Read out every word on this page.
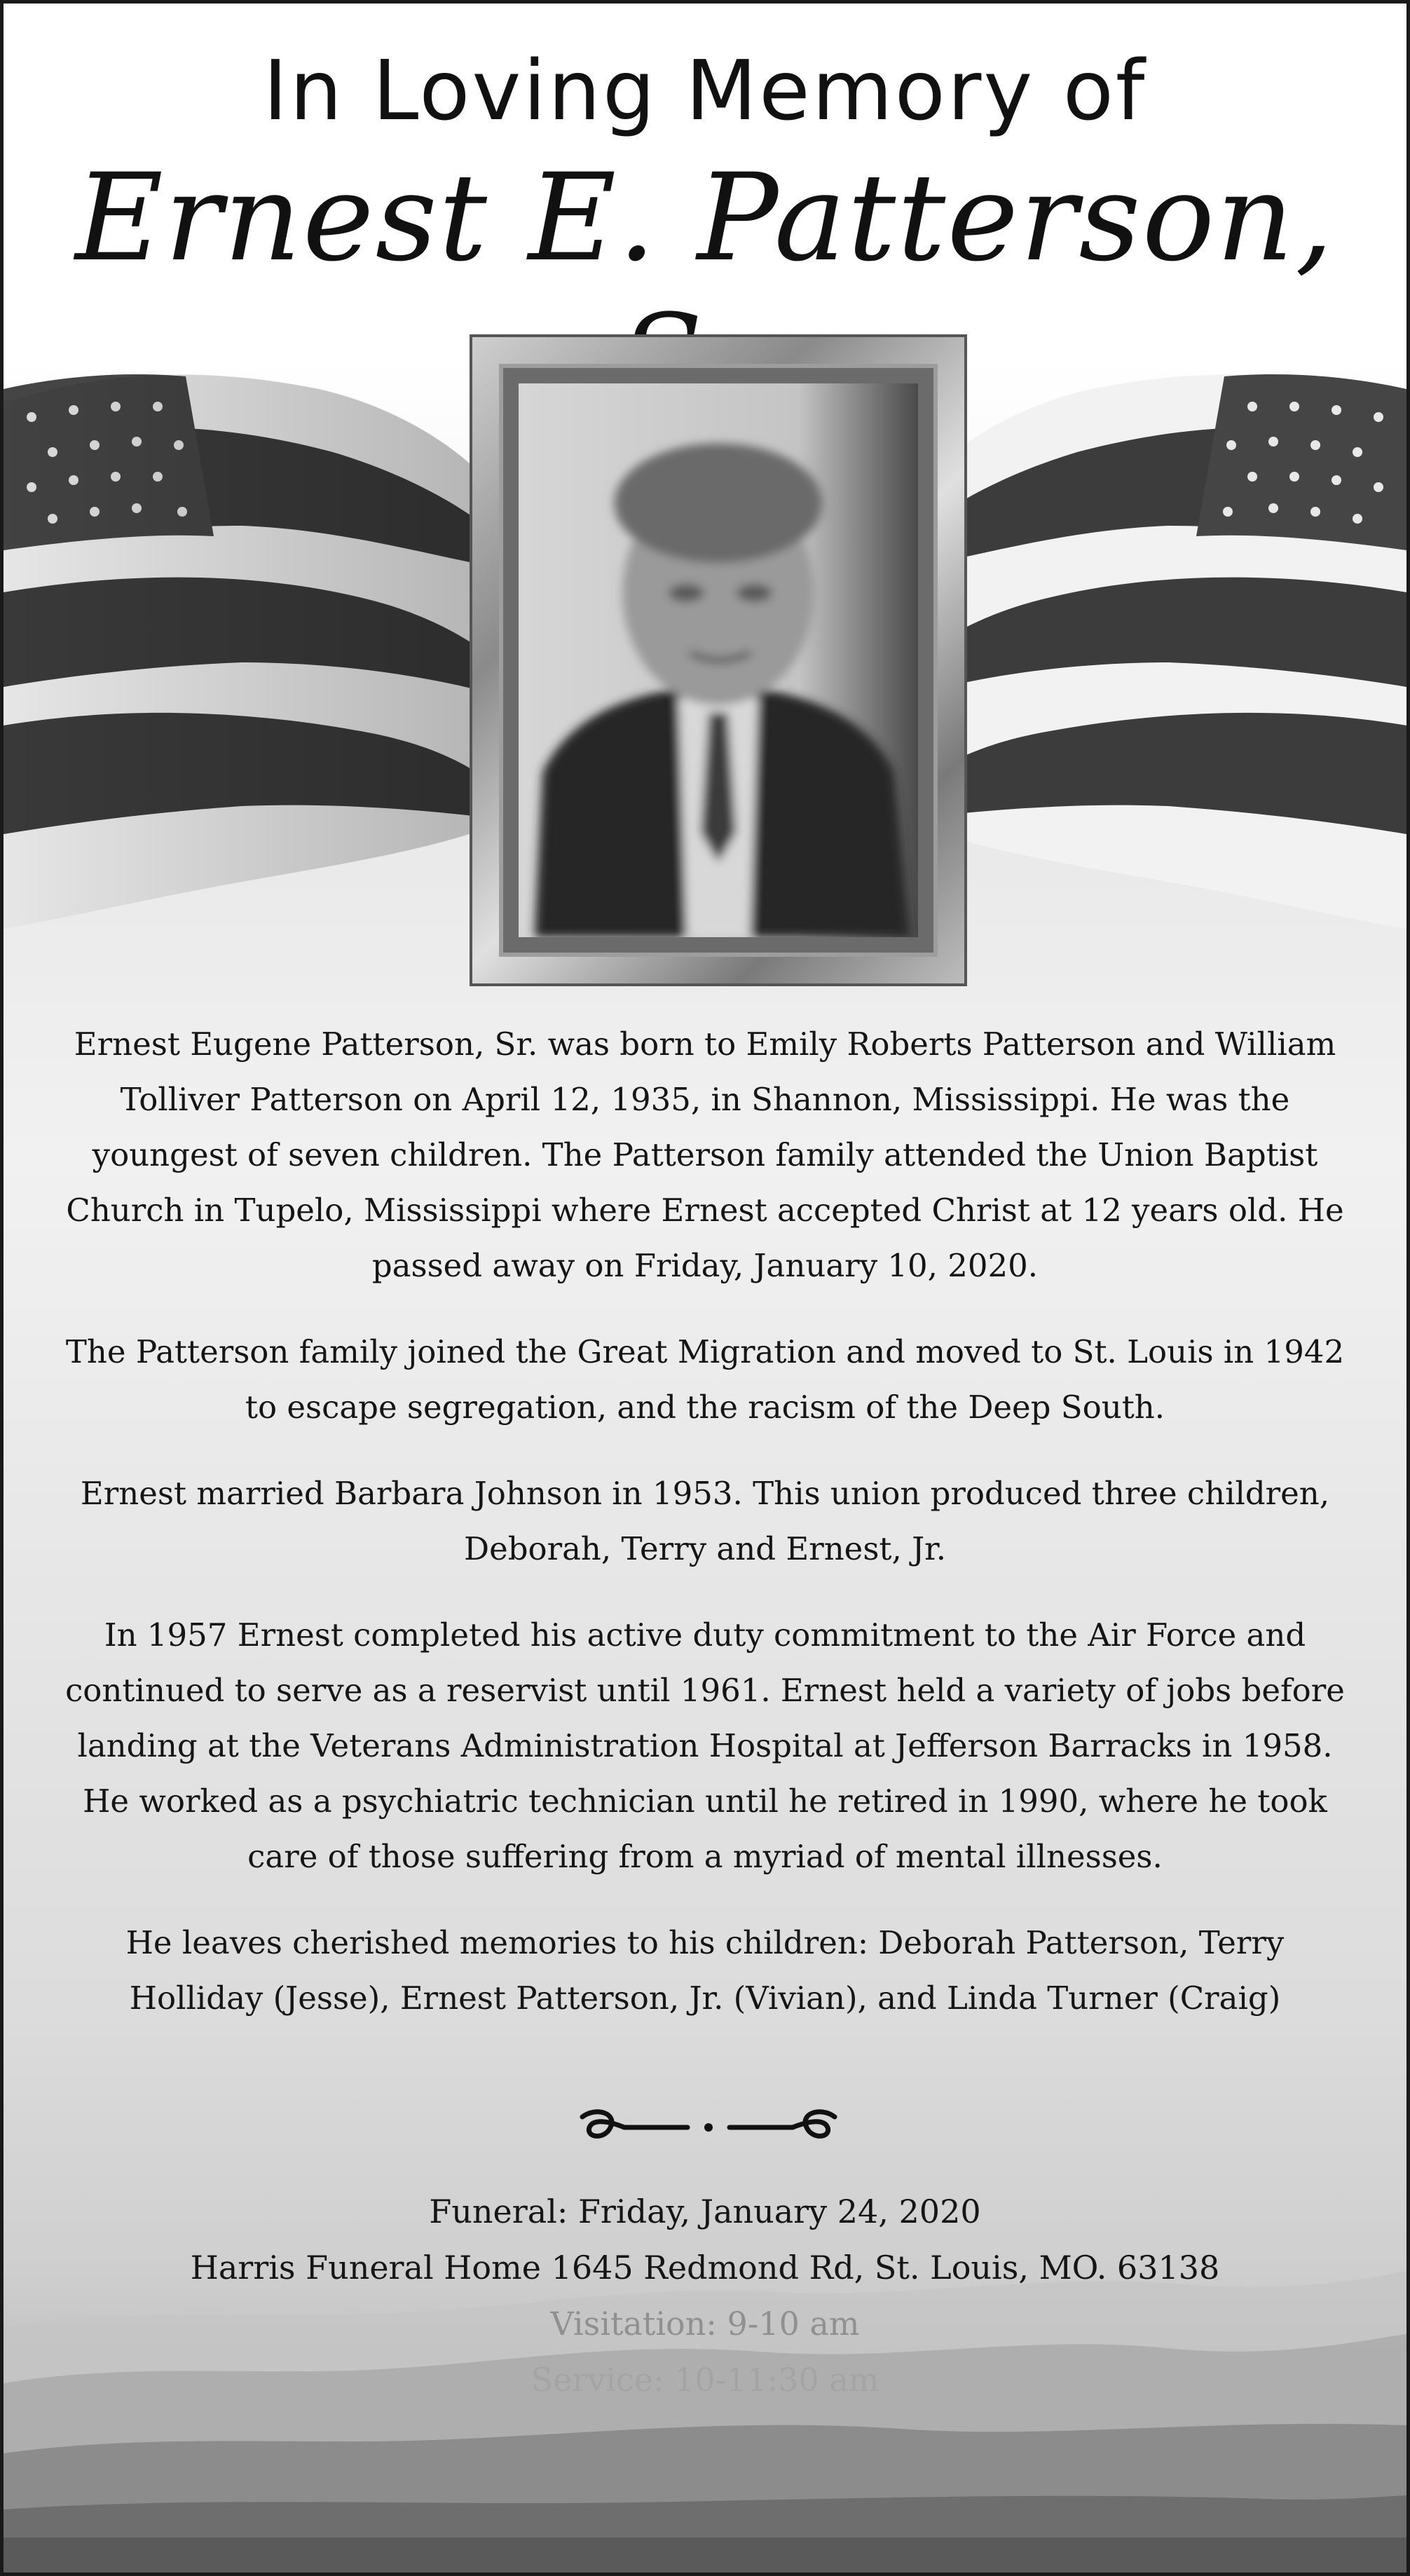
In Loving Memory of
Ernest E. Patterson,

Ernest Eugene Patterson, Sr. was born to Emily Roberts Patterson and William Tolliver Patterson on April 12, 1935, in Shannon, Mississippi. He was the youngest of seven children. The Patterson family attended the Union Baptist Church in Tupelo, Mississippi where Ernest accepted Christ at 12 years old. He passed away on Friday, January 10, 2020.

The Patterson family joined the Great Migration and moved to St. Louis in 1942 to escape segregation, and the racism of the Deep South.

Ernest married Barbara Johnson in 1953. This union produced three children, Deborah, Terry and Ernest, Jr.

In 1957 Ernest completed his active duty commitment to the Air Force and continued to serve as a reservist until 1961. Ernest held a variety of jobs before landing at the Veterans Administration Hospital at Jefferson Barracks in 1958. He worked as a psychiatric technician until he retired in 1990, where he took care of those suffering from a myriad of mental illnesses.

He leaves cherished memories to his children: Deborah Patterson, Terry Holliday (Jesse), Ernest Patterson, Jr. (Vivian), and Linda Turner (Craig)

Funeral: Friday, January 24, 2020
Harris Funeral Home 1645 Redmond Rd, St. Louis, MO. 63138
